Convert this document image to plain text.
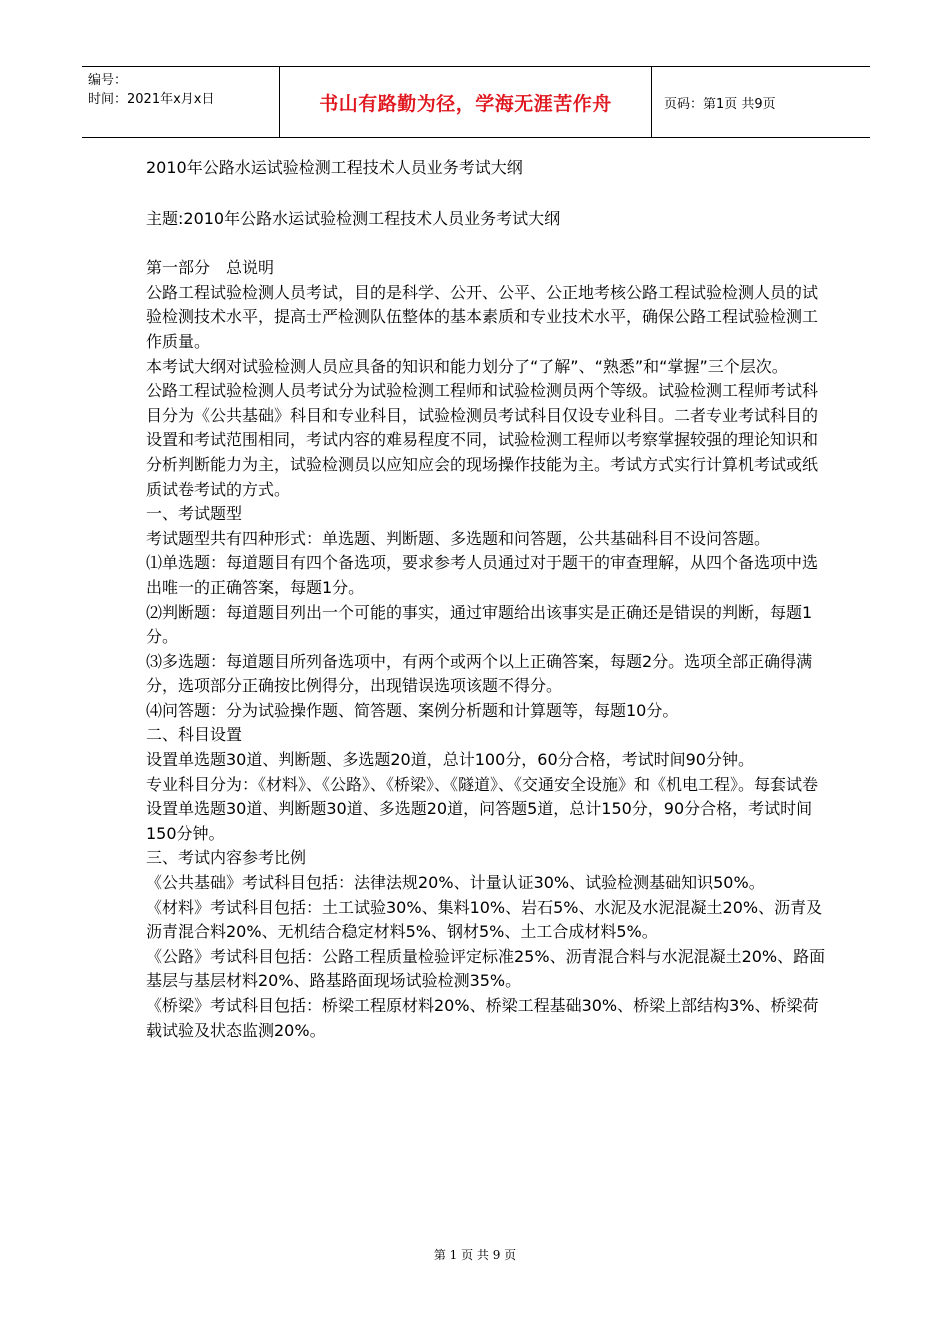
编号：
时间：2021年x月x日	书山有路勤为径，学海无涯苦作舟	页码：第1页 共9页

2010年公路水运试验检测工程技术人员业务考试大纲

主题:2010年公路水运试验检测工程技术人员业务考试大纲

第一部分　总说明

公路工程试验检测人员考试，目的是科学、公开、公平、公正地考核公路工程试验检测人员的试验检测技术水平，提高士严检测队伍整体的基本素质和专业技术水平，确保公路工程试验检测工作质量。

本考试大纲对试验检测人员应具备的知识和能力划分了“了解”、“熟悉”和“掌握”三个层次。

公路工程试验检测人员考试分为试验检测工程师和试验检测员两个等级。试验检测工程师考试科目分为《公共基础》科目和专业科目，试验检测员考试科目仅设专业科目。二者专业考试科目的设置和考试范围相同，考试内容的难易程度不同，试验检测工程师以考察掌握较强的理论知识和分析判断能力为主，试验检测员以应知应会的现场操作技能为主。考试方式实行计算机考试或纸质试卷考试的方式。

一、考试题型

考试题型共有四种形式：单选题、判断题、多选题和问答题，公共基础科目不设问答题。

⑴单选题：每道题目有四个备选项，要求参考人员通过对于题干的审查理解，从四个备选项中选出唯一的正确答案，每题1分。

⑵判断题：每道题目列出一个可能的事实，通过审题给出该事实是正确还是错误的判断，每题1分。

⑶多选题：每道题目所列备选项中，有两个或两个以上正确答案，每题2分。选项全部正确得满分，选项部分正确按比例得分，出现错误选项该题不得分。

⑷问答题：分为试验操作题、简答题、案例分析题和计算题等，每题10分。

二、科目设置

设置单选题30道、判断题、多选题20道，总计100分，60分合格，考试时间90分钟。

专业科目分为：《材料》、《公路》、《桥梁》、《隧道》、《交通安全设施》和《机电工程》。每套试卷设置单选题30道、判断题30道、多选题20道，问答题5道，总计150分，90分合格，考试时间150分钟。

三、考试内容参考比例

《公共基础》考试科目包括：法律法规20%、计量认证30%、试验检测基础知识50%。

《材料》考试科目包括：土工试验30%、集料10%、岩石5%、水泥及水泥混凝土20%、沥青及沥青混合料20%、无机结合稳定材料5%、钢材5%、土工合成材料5%。

《公路》考试科目包括：公路工程质量检验评定标准25%、沥青混合料与水泥混凝土20%、路面基层与基层材料20%、路基路面现场试验检测35%。

《桥梁》考试科目包括：桥梁工程原材料20%、桥梁工程基础30%、桥梁上部结构3%、桥梁荷载试验及状态监测20%。

第 1 页 共 9 页
